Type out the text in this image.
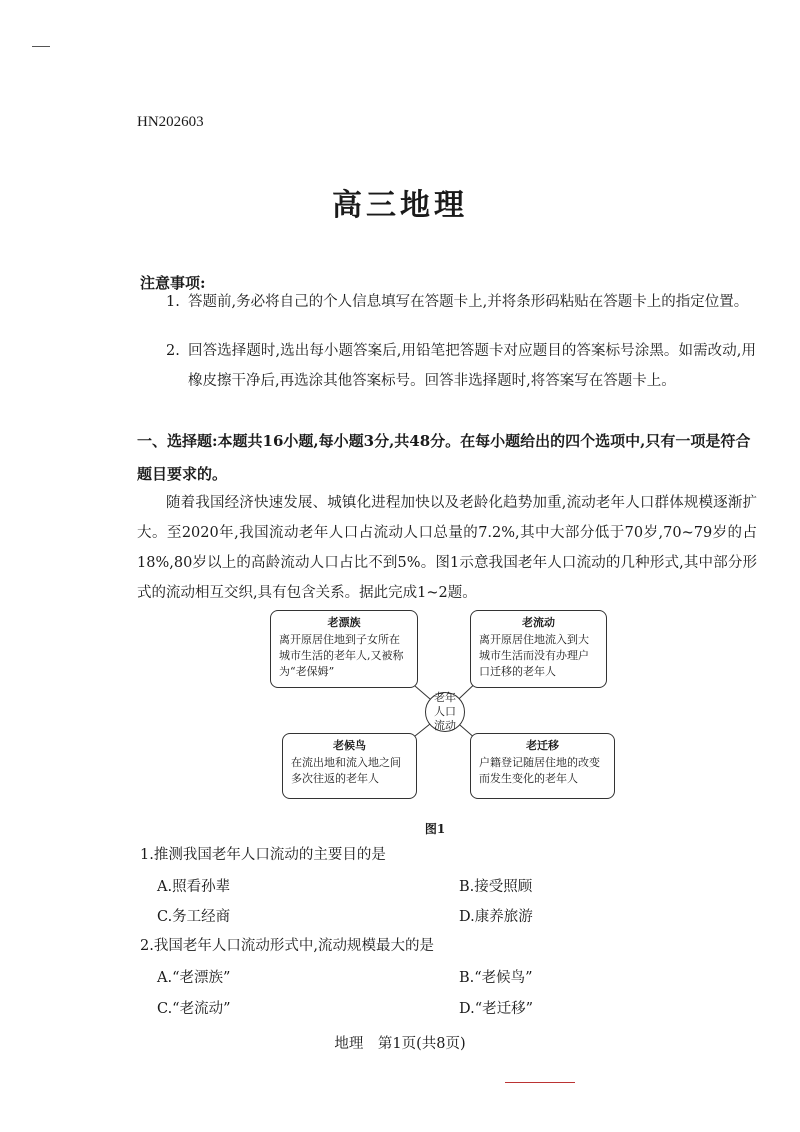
HN202603
高三地理
注意事项:
1. 答题前,务必将自己的个人信息填写在答题卡上,并将条形码粘贴在答题卡上的指定位置。
2. 回答选择题时,选出每小题答案后,用铅笔把答题卡对应题目的答案标号涂黑。如需改动,用橡皮擦干净后,再选涂其他答案标号。回答非选择题时,将答案写在答题卡上。
一、选择题:本题共16小题,每小题3分,共48分。在每小题给出的四个选项中,只有一项是符合题目要求的。
随着我国经济快速发展、城镇化进程加快以及老龄化趋势加重,流动老年人口群体规模逐渐扩大。至2020年,我国流动老年人口占流动人口总量的7.2%,其中大部分低于70岁,70~79岁的占18%,80岁以上的高龄流动人口占比不到5%。图1示意我国老年人口流动的几种形式,其中部分形式的流动相互交织,具有包含关系。据此完成1~2题。
老漂族
离开原居住地到子女所在城市生活的老年人,又被称为“老保姆”
老流动
离开原居住地流入到大城市生活而没有办理户口迁移的老年人
老年人口流动
老候鸟
在流出地和流入地之间多次往返的老年人
老迁移
户籍登记随居住地的改变而发生变化的老年人
图1
1.推测我国老年人口流动的主要目的是
A.照看孙辈	B.接受照顾
C.务工经商	D.康养旅游
2.我国老年人口流动形式中,流动规模最大的是
A.“老漂族”	B.“老候鸟”
C.“老流动”	D.“老迁移”
地理　第1页(共8页)
